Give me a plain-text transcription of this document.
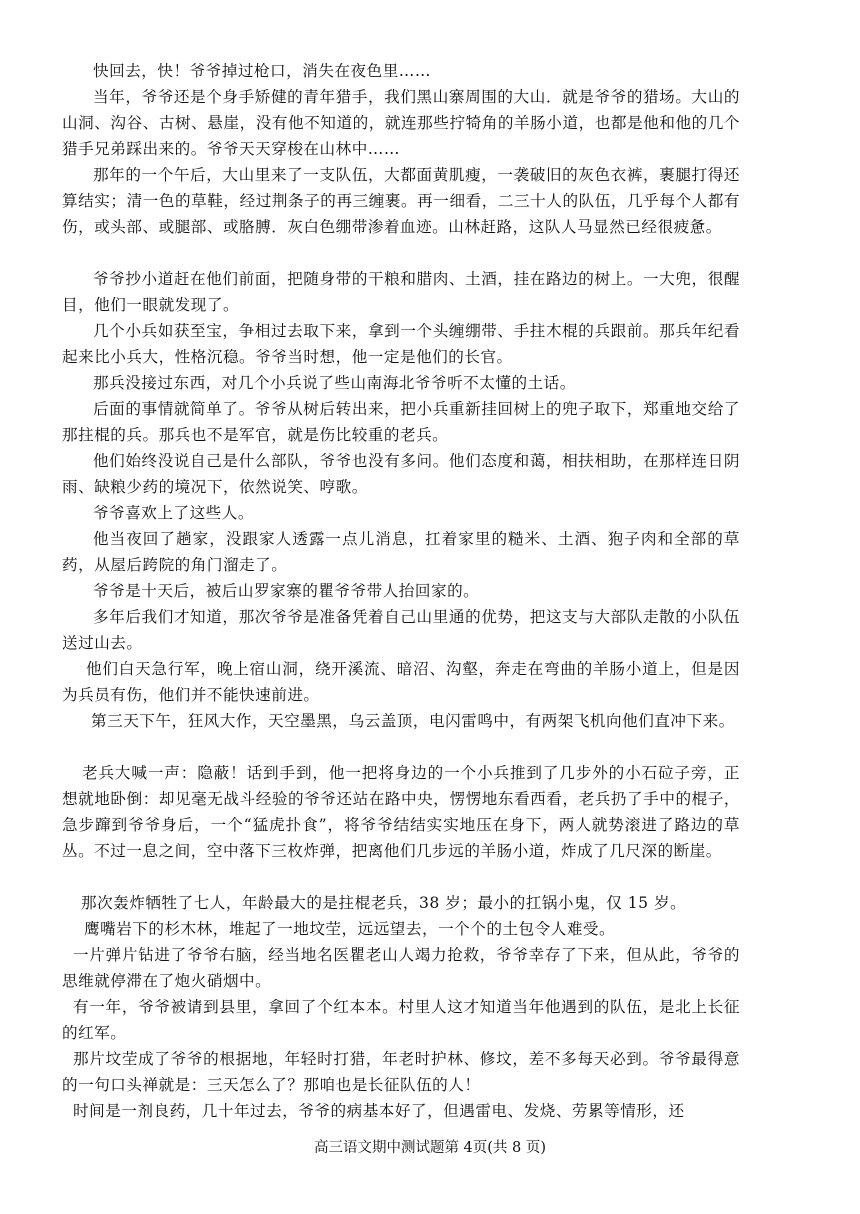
快回去，快！爷爷掉过枪口，消失在夜色里……

当年，爷爷还是个身手矫健的青年猎手，我们黑山寨周围的大山．就是爷爷的猎场。大山的山洞、沟谷、古树、悬崖，没有他不知道的，就连那些拧犄角的羊肠小道，也都是他和他的几个猎手兄弟踩出来的。爷爷天天穿梭在山林中……

那年的一个午后，大山里来了一支队伍，大都面黄肌瘦，一袭破旧的灰色衣裤，裹腿打得还算结实；清一色的草鞋，经过荆条子的再三缠裹。再一细看，二三十人的队伍，几乎每个人都有伤，或头部、或腿部、或胳膊．灰白色绷带渗着血迹。山林赶路，这队人马显然已经很疲惫。

爷爷抄小道赶在他们前面，把随身带的干粮和腊肉、土酒，挂在路边的树上。一大兜，很醒目，他们一眼就发现了。

几个小兵如获至宝，争相过去取下来，拿到一个头缠绷带、手拄木棍的兵跟前。那兵年纪看起来比小兵大，性格沉稳。爷爷当时想，他一定是他们的长官。

那兵没接过东西，对几个小兵说了些山南海北爷爷听不太懂的土话。

后面的事情就简单了。爷爷从树后转出来，把小兵重新挂回树上的兜子取下，郑重地交给了那拄棍的兵。那兵也不是军官，就是伤比较重的老兵。

他们始终没说自己是什么部队，爷爷也没有多问。他们态度和蔼，相扶相助，在那样连日阴雨、缺粮少药的境况下，依然说笑、哼歌。

爷爷喜欢上了这些人。

他当夜回了趟家，没跟家人透露一点儿消息，扛着家里的糙米、土酒、狍子肉和全部的草药，从屋后跨院的角门溜走了。

爷爷是十天后，被后山罗家寨的瞿爷爷带人抬回家的。

多年后我们才知道，那次爷爷是准备凭着自己山里通的优势，把这支与大部队走散的小队伍送过山去。

他们白天急行军，晚上宿山洞，绕开溪流、暗沼、沟壑，奔走在弯曲的羊肠小道上，但是因为兵员有伤，他们并不能快速前进。

第三天下午，狂风大作，天空墨黑，乌云盖顶，电闪雷鸣中，有两架飞机向他们直冲下来。

老兵大喊一声：隐蔽！话到手到，他一把将身边的一个小兵推到了几步外的小石砬子旁，正想就地卧倒：却见毫无战斗经验的爷爷还站在路中央，愣愣地东看西看，老兵扔了手中的棍子，急步蹿到爷爷身后，一个“猛虎扑食”，将爷爷结结实实地压在身下，两人就势滚进了路边的草丛。不过一息之间，空中落下三枚炸弹，把离他们几步远的羊肠小道，炸成了几尺深的断崖。

那次轰炸牺牲了七人，年龄最大的是拄棍老兵，38 岁；最小的扛锅小鬼，仅 15 岁。

鹰嘴岩下的杉木林，堆起了一地坟茔，远远望去，一个个的土包令人难受。

一片弹片钻进了爷爷右脑，经当地名医瞿老山人竭力抢救，爷爷幸存了下来，但从此，爷爷的思维就停滞在了炮火硝烟中。

有一年，爷爷被请到县里，拿回了个红本本。村里人这才知道当年他遇到的队伍，是北上长征的红军。

那片坟茔成了爷爷的根据地，年轻时打猎，年老时护林、修坟，差不多每天必到。爷爷最得意的一句口头禅就是：三天怎么了？那咱也是长征队伍的人！

时间是一剂良药，几十年过去，爷爷的病基本好了，但遇雷电、发烧、劳累等情形，还

高三语文期中测试题第 4页(共 8 页)
